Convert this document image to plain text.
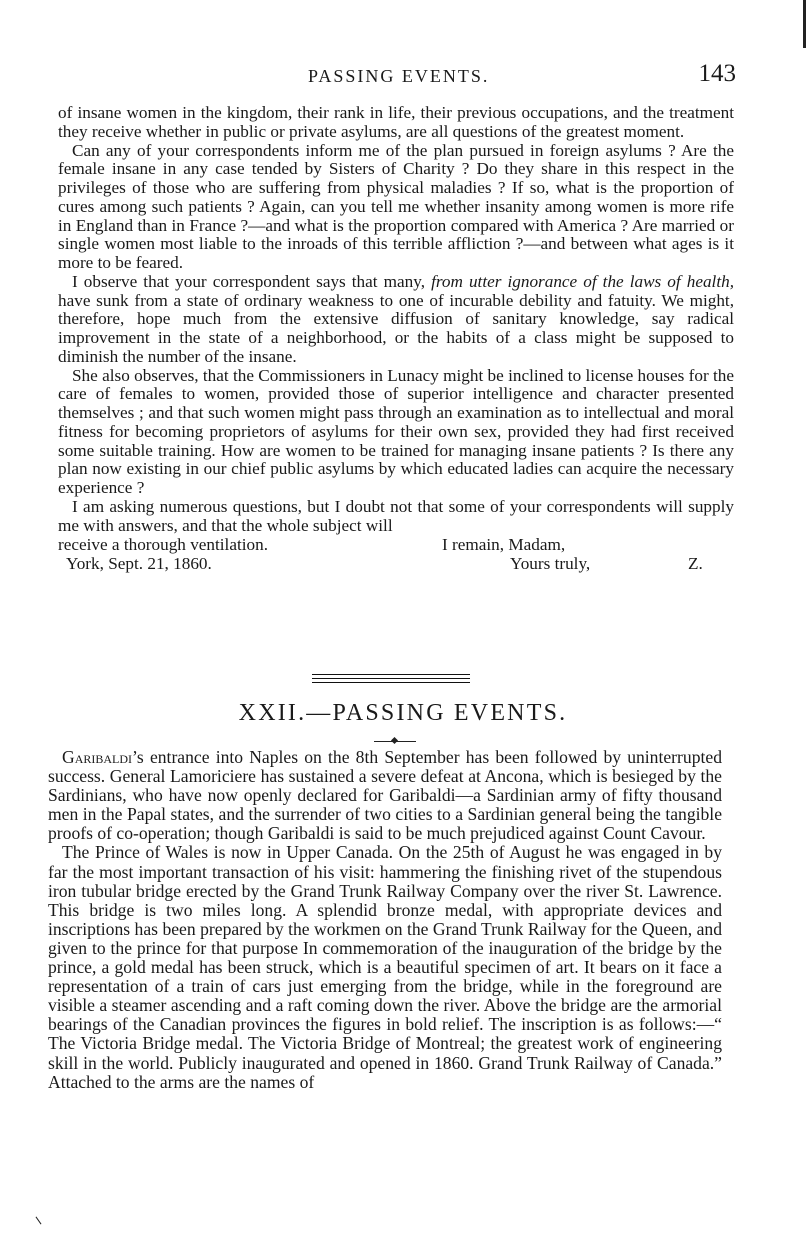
PASSING EVENTS.	143

of insane women in the kingdom, their rank in life, their previous occupations, and the treatment they receive whether in public or private asylums, are all questions of the greatest moment.

Can any of your correspondents inform me of the plan pursued in foreign asylums ? Are the female insane in any case tended by Sisters of Charity ? Do they share in this respect in the privileges of those who are suffering from physical maladies ? If so, what is the proportion of cures among such patients ? Again, can you tell me whether insanity among women is more rife in England than in France ?—and what is the proportion compared with America ? Are married or single women most liable to the inroads of this terrible affliction ?—and between what ages is it more to be feared.

I observe that your correspondent says that many, from utter ignorance of the laws of health, have sunk from a state of ordinary weakness to one of incurable debility and fatuity. We might, therefore, hope much from the extensive diffusion of sanitary knowledge, say radical improvement in the state of a neighborhood, or the habits of a class might be supposed to diminish the number of the insane.

She also observes, that the Commissioners in Lunacy might be inclined to license houses for the care of females to women, provided those of superior intelligence and character presented themselves ; and that such women might pass through an examination as to intellectual and moral fitness for becoming proprietors of asylums for their own sex, provided they had first received some suitable training. How are women to be trained for managing insane patients ? Is there any plan now existing in our chief public asylums by which educated ladies can acquire the necessary experience ?

I am asking numerous questions, but I doubt not that some of your correspondents will supply me with answers, and that the whole subject will

receive a thorough ventilation.	I remain, Madam,
York, Sept. 21, 1860.	Yours truly,	Z.
XXII.—PASSING EVENTS.

Garibaldi’s entrance into Naples on the 8th September has been followed by uninterrupted success. General Lamoriciere has sustained a severe defeat at Ancona, which is besieged by the Sardinians, who have now openly declared for Garibaldi—a Sardinian army of fifty thousand men in the Papal states, and the surrender of two cities to a Sardinian general being the tangible proofs of co-operation; though Garibaldi is said to be much prejudiced against Count Cavour.

The Prince of Wales is now in Upper Canada. On the 25th of August he was engaged in by far the most important transaction of his visit: hammering the finishing rivet of the stupendous iron tubular bridge erected by the Grand Trunk Railway Company over the river St. Lawrence. This bridge is two miles long. A splendid bronze medal, with appropriate devices and inscriptions has been prepared by the workmen on the Grand Trunk Railway for the Queen, and given to the prince for that purpose In commemoration of the inauguration of the bridge by the prince, a gold medal has been struck, which is a beautiful specimen of art. It bears on it face a representation of a train of cars just emerging from the bridge, while in the foreground are visible a steamer ascending and a raft coming down the river. Above the bridge are the armorial bearings of the Canadian provinces the figures in bold relief. The inscription is as follows:—“ The Victoria Bridge medal. The Victoria Bridge of Montreal; the greatest work of engineering skill in the world. Publicly inaugurated and opened in 1860. Grand Trunk Railway of Canada.” Attached to the arms are the names of
